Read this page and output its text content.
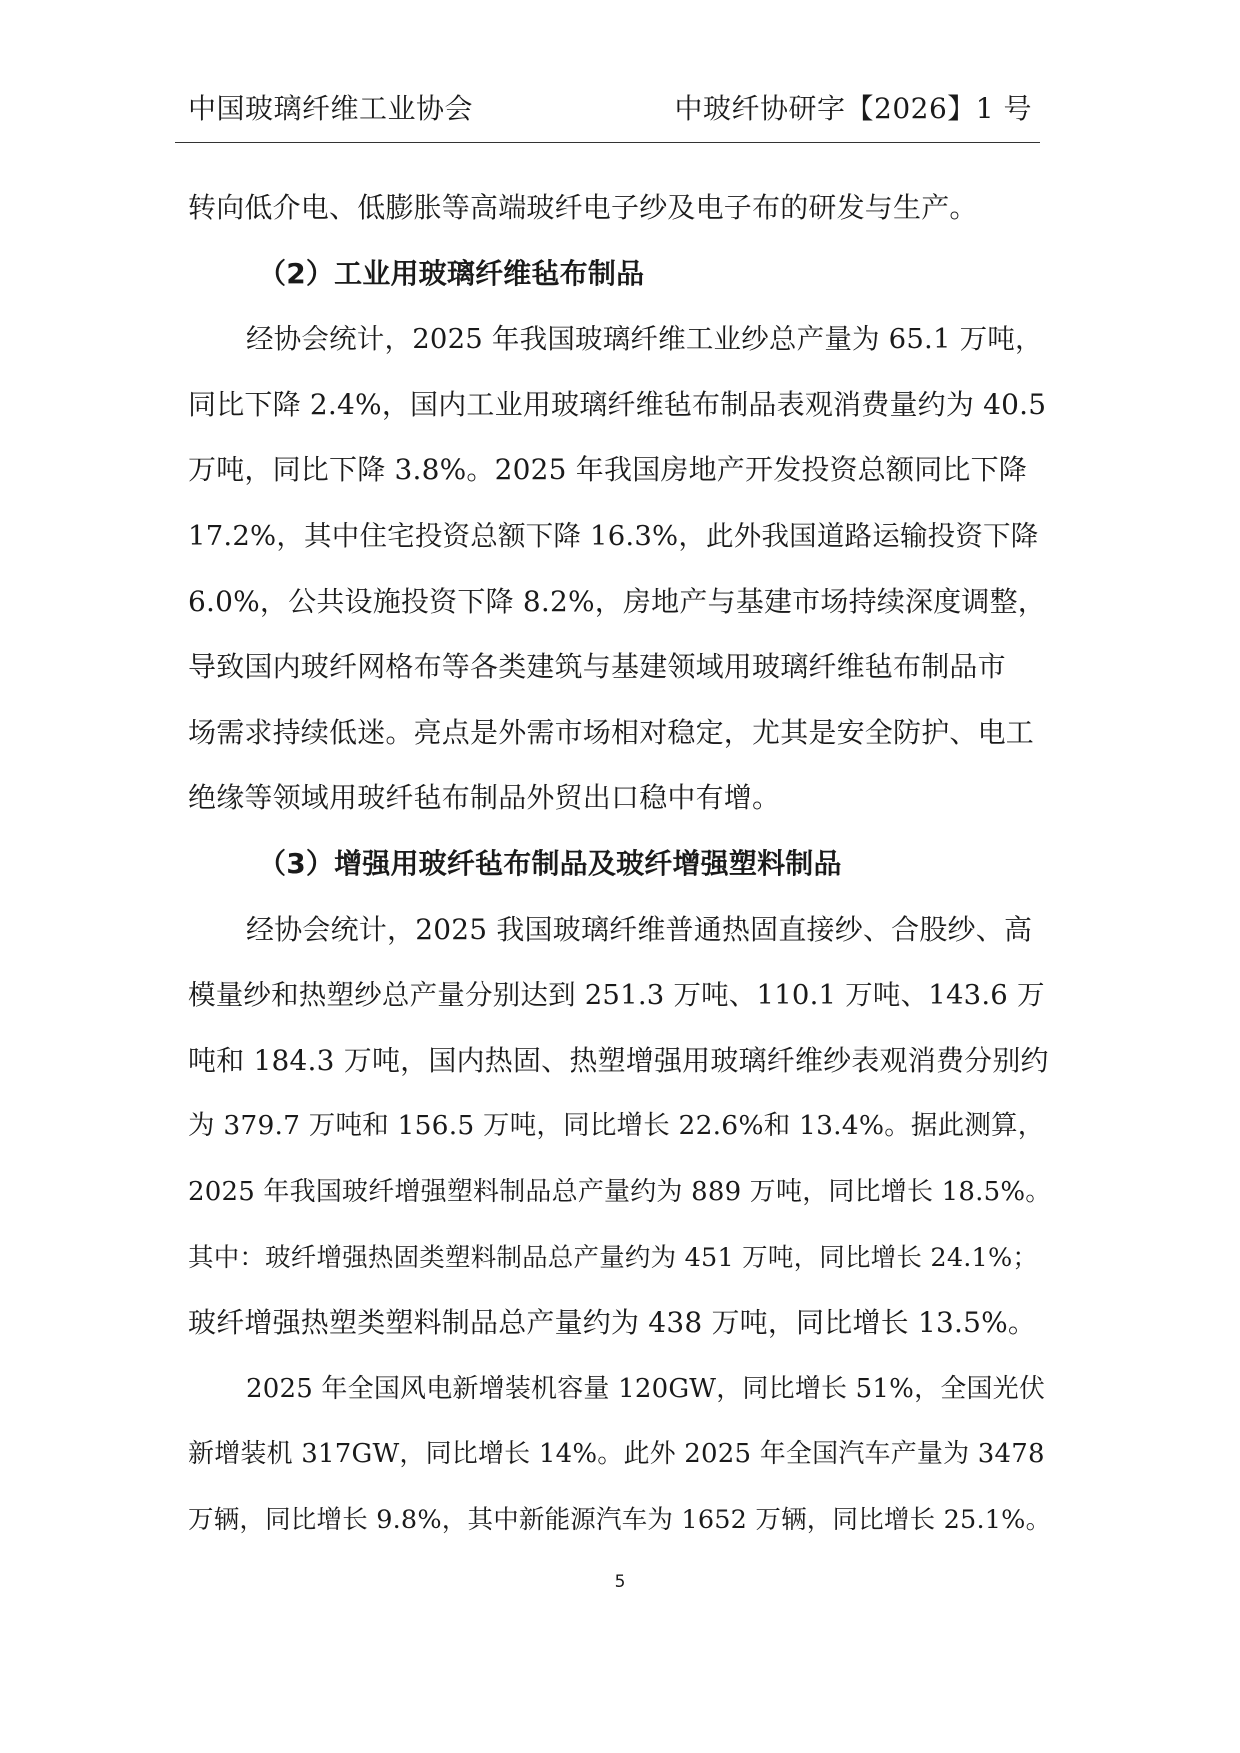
中国玻璃纤维工业协会	中玻纤协研字【2026】1 号
转向低介电、低膨胀等高端玻纤电子纱及电子布的研发与生产。
（2）工业用玻璃纤维毡布制品
经协会统计，2025 年我国玻璃纤维工业纱总产量为 65.1 万吨，
同比下降 2.4%，国内工业用玻璃纤维毡布制品表观消费量约为 40.5
万吨，同比下降 3.8%。2025 年我国房地产开发投资总额同比下降
17.2%，其中住宅投资总额下降 16.3%，此外我国道路运输投资下降
6.0%，公共设施投资下降 8.2%，房地产与基建市场持续深度调整，
导致国内玻纤网格布等各类建筑与基建领域用玻璃纤维毡布制品市
场需求持续低迷。亮点是外需市场相对稳定，尤其是安全防护、电工
绝缘等领域用玻纤毡布制品外贸出口稳中有增。
（3）增强用玻纤毡布制品及玻纤增强塑料制品
经协会统计，2025 我国玻璃纤维普通热固直接纱、合股纱、高
模量纱和热塑纱总产量分别达到 251.3 万吨、110.1 万吨、143.6 万
吨和 184.3 万吨，国内热固、热塑增强用玻璃纤维纱表观消费分别约
为 379.7 万吨和 156.5 万吨，同比增长 22.6%和 13.4%。据此测算，
2025 年我国玻纤增强塑料制品总产量约为 889 万吨，同比增长 18.5%。
其中：玻纤增强热固类塑料制品总产量约为 451 万吨，同比增长 24.1%；
玻纤增强热塑类塑料制品总产量约为 438 万吨，同比增长 13.5%。
2025 年全国风电新增装机容量 120GW，同比增长 51%，全国光伏
新增装机 317GW，同比增长 14%。此外 2025 年全国汽车产量为 3478
万辆，同比增长 9.8%，其中新能源汽车为 1652 万辆，同比增长 25.1%。
5
